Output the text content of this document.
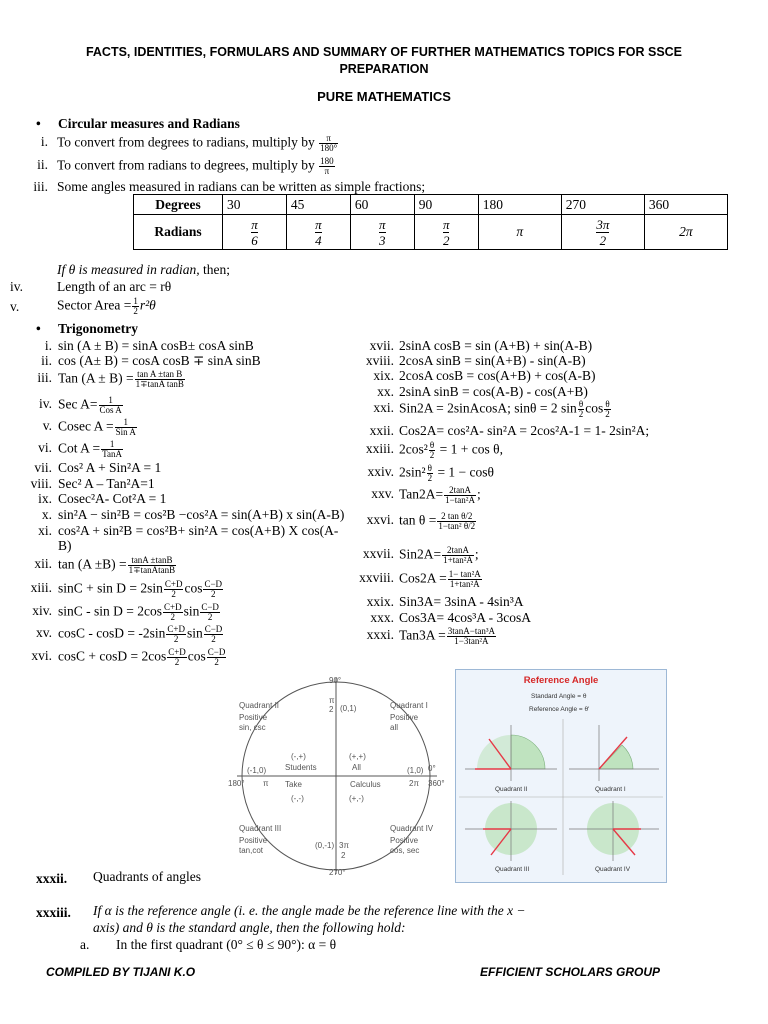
FACTS, IDENTITIES, FORMULARS AND SUMMARY OF FURTHER MATHEMATICS TOPICS FOR SSCE
PREPARATION
PURE MATHEMATICS
• Circular measures and Radians
i. To convert from degrees to radians, multiply by $\frac{\pi}{180^\circ}$
ii. To convert from radians to degrees, multiply by $\frac{180}{\pi}$
iii. Some angles measured in radians can be written as simple fractions;
Degrees	30	45	60	90	180	270	360
Radians	$\frac{\pi}{6}$	$\frac{\pi}{4}$	$\frac{\pi}{3}$	$\frac{\pi}{2}$	π	$\frac{3\pi}{2}$	2π
If θ is measured in radian, then;
iv.	Length of an arc = rθ
v.	Sector Area = $\frac{1}{2} r^2\theta$
• Trigonometry
i. sin (A ± B) = sinA cosB± cosA sinB
ii. cos (A± B) = cosA cosB ∓ sinA sinB
iii. Tan $(A \pm B) = \frac{\text{tan A ±tan B}}{\text{1∓tanA tanB}}$
iv. Sec $A= \frac{1}{\text{Cos A}}$
v. Cosec $A = \frac{1}{\text{Sin A}}$
vi. Cot $A = \frac{1}{\text{TanA}}$
vii. Cos² A + Sin²A = 1
viii. Sec² A – Tan²A=1
ix. Cosec²A- Cot²A = 1
x. sin²A − sin²B = cos²B −cos²A = sin(A+B) x sin(A-B)
xi. cos²A + sin²B = cos²B+ sin²A = cos(A+B) X cos(A-
B)
xii. $\tan (A \pm B) = \frac{\tan A \pm\tan B}{\text{1∓tanAtanB}}$
xiii. $\sin C + \sin D = 2\sin \frac{C+D}{2}$ $\cos \frac{C-D}{2}$
xiv. $\sin C - \sin D = 2\cos \frac{C+D}{2}$ $\sin \frac{C-D}{2}$
xv. $\cos C - \cos D = -2\sin \frac{C+D}{2}$ $\sin \frac{C-D}{2}$
xvi. $\cos C + \cos D = 2\cos \frac{C+D}{2}$ $\cos \frac{C-D}{2}$
xvii. 2sinA cosB = sin (A+B) + sin(A-B)
xviii. 2cosA sinB = sin(A+B) - sin(A-B)
xix. 2cosA cosB = cos(A+B) + cos(A-B)
xx. 2sinA sinB = cos(A-B) - cos(A+B)
xxi. Sin2A = 2sinAcosA; sinθ = 2 $\sin \frac{\theta}{2}$ $\cos \frac{\theta}{2}$
xxii. Cos2A= cos²A- sin²A = 2cos²A-1 = 1- 2sin²A;
xxiii. $2\cos^2 \frac{\theta}{2} = 1 + \cos \theta$,
xxiv. $2\sin^2 \frac{\theta}{2} = 1 - \cos\theta$
xxv. $Tan2A= \frac{2\tan A}{\text{1−tan²A}}$ ;
xxvi. $\tan \theta = \frac{\text{2 tan θ/2}}{\text{1−tan² θ/2}}$
xxvii. $Sin2A= \frac{2\tan A}{\text{1+tan²A}}$ ;
xxviii. $Cos2A = \frac{\text{1− tan²A}}{\text{1+tan²A}}$
xxix. Sin3A= 3sinA - 4sin³A
xxx. Cos3A= 4cos³A - 3cosA
xxxi. $Tan3A = \frac{\text{3tanA−tan³A}}{\text{1−3tan²A}}$
90°
π
2 (0,1)	Quadrant I
Positive
all
Quadrant II
Positive
sin, csc
(-,+)
Students
(+,+)
All
(-1,0)
180° π Take	Calculus
(1,0) 0°
2π 360°
(-,-)	(+,-)
Quadrant III
Positive
tan,cot
Quadrant IV
Positive
cos, sec
(0,-1) 3π
2
270°
Reference Angle
Standard Angle = θ
Reference Angle = θ'
Quadrant II	Quadrant I
Quadrant III	Quadrant IV
xxxii. Quadrants of angles
xxxiii. If α is the reference angle (i. e. the angle made be the reference line with the x −
axis) and θ is the standard angle, then the following hold:
a. In the first quadrant (0° ≤ θ ≤ 90°): α = θ
COMPILED BY TIJANI K.O	EFFICIENT SCHOLARS GROUP
